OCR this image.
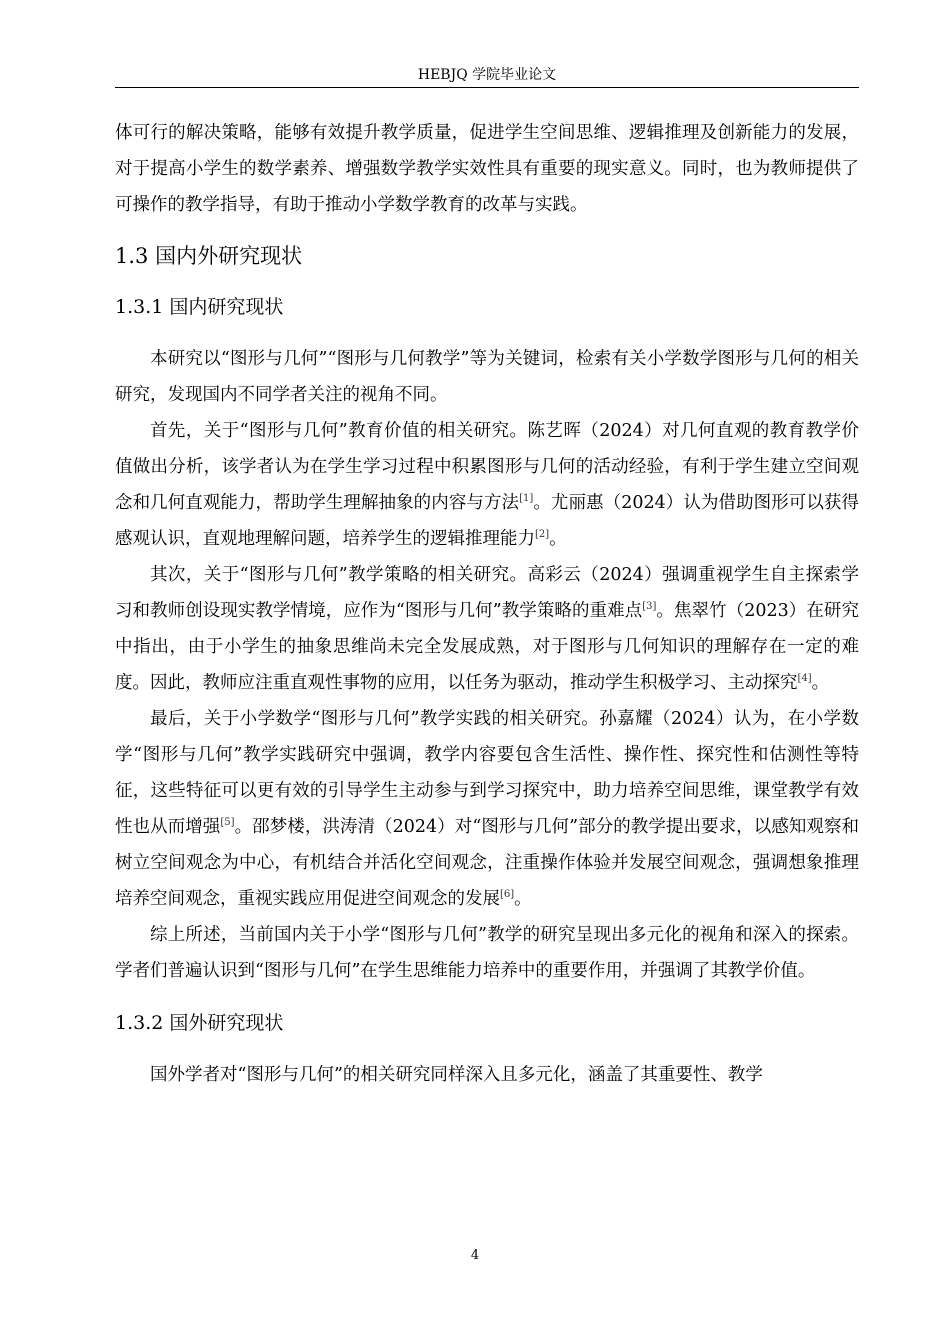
HEBJQ 学院毕业论文

体可行的解决策略，能够有效提升教学质量，促进学生空间思维、逻辑推理及创新能力的发展，对于提高小学生的数学素养、增强数学教学实效性具有重要的现实意义。同时，也为教师提供了可操作的教学指导，有助于推动小学数学教育的改革与实践。

1.3 国内外研究现状
1.3.1 国内研究现状

本研究以“图形与几何”“图形与几何教学”等为关键词，检索有关小学数学图形与几何的相关研究，发现国内不同学者关注的视角不同。

首先，关于“图形与几何”教育价值的相关研究。陈艺晖（2024）对几何直观的教育教学价值做出分析，该学者认为在学生学习过程中积累图形与几何的活动经验，有利于学生建立空间观念和几何直观能力，帮助学生理解抽象的内容与方法[1]。尤丽惠（2024）认为借助图形可以获得感观认识，直观地理解问题，培养学生的逻辑推理能力[2]。

其次，关于“图形与几何”教学策略的相关研究。高彩云（2024）强调重视学生自主探索学习和教师创设现实教学情境，应作为“图形与几何”教学策略的重难点[3]。焦翠竹（2023）在研究中指出，由于小学生的抽象思维尚未完全发展成熟，对于图形与几何知识的理解存在一定的难度。因此，教师应注重直观性事物的应用，以任务为驱动，推动学生积极学习、主动探究[4]。

最后，关于小学数学“图形与几何”教学实践的相关研究。孙嘉耀（2024）认为，在小学数学“图形与几何”教学实践研究中强调，教学内容要包含生活性、操作性、探究性和估测性等特征，这些特征可以更有效的引导学生主动参与到学习探究中，助力培养空间思维，课堂教学有效性也从而增强[5]。邵梦楼，洪涛清（2024）对“图形与几何”部分的教学提出要求，以感知观察和树立空间观念为中心，有机结合并活化空间观念，注重操作体验并发展空间观念，强调想象推理培养空间观念，重视实践应用促进空间观念的发展[6]。

综上所述，当前国内关于小学“图形与几何”教学的研究呈现出多元化的视角和深入的探索。学者们普遍认识到“图形与几何”在学生思维能力培养中的重要作用，并强调了其教学价值。

1.3.2 国外研究现状

国外学者对“图形与几何”的相关研究同样深入且多元化，涵盖了其重要性、教学

4
